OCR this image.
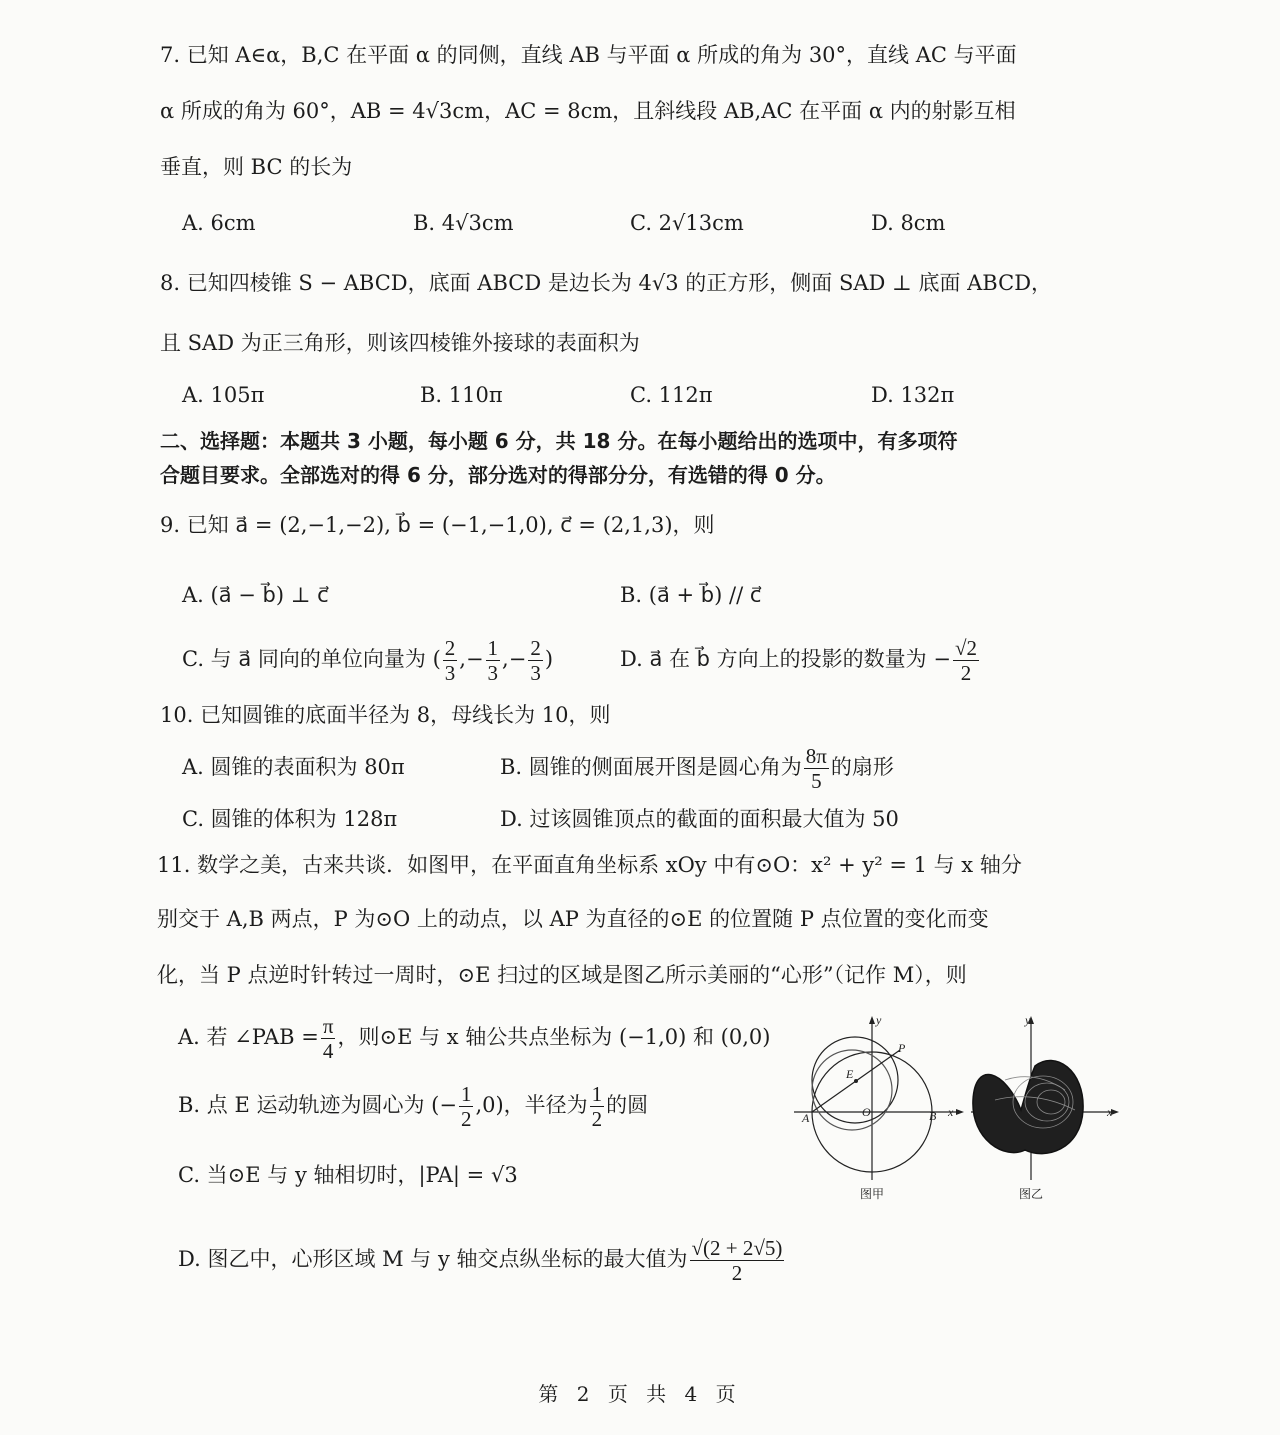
7. 已知 A∈α，B,C 在平面 α 的同侧，直线 AB 与平面 α 所成的角为 30°，直线 AC 与平面
α 所成的角为 60°，AB = 4√3cm，AC = 8cm，且斜线段 AB,AC 在平面 α 内的射影互相
垂直，则 BC 的长为
A. 6cm	B. 4√3cm	C. 2√13cm	D. 8cm
8. 已知四棱锥 S − ABCD，底面 ABCD 是边长为 4√3 的正方形，侧面 SAD ⊥ 底面 ABCD，
且 SAD 为正三角形，则该四棱锥外接球的表面积为
A. 105π	B. 110π	C. 112π	D. 132π
二、选择题：本题共 3 小题，每小题 6 分，共 18 分。在每小题给出的选项中，有多项符
合题目要求。全部选对的得 6 分，部分选对的得部分分，有选错的得 0 分。
9. 已知 a⃗ = (2,−1,−2), b⃗ = (−1,−1,0), c⃗ = (2,1,3)，则
A. (a⃗ − b⃗) ⊥ c⃗	B. (a⃗ + b⃗) // c⃗
C. 与 a⃗ 同向的单位向量为 ( $\frac{2}{3}$ ,− $\frac{1}{3}$ ,− $\frac{2}{3}$ )	D. a⃗ 在 b⃗ 方向上的投影的数量为 − $\frac{√2}{2}$
10. 已知圆锥的底面半径为 8，母线长为 10，则
A. 圆锥的表面积为 80π	B. 圆锥的侧面展开图是圆心角为 $\frac{8\pi}{5}$ 的扇形
C. 圆锥的体积为 128π	D. 过该圆锥顶点的截面的面积最大值为 50
11. 数学之美，古来共谈．如图甲，在平面直角坐标系 xOy 中有⊙O：x² + y² = 1 与 x 轴分
别交于 A,B 两点，P 为⊙O 上的动点，以 AP 为直径的⊙E 的位置随 P 点位置的变化而变
化，当 P 点逆时针转过一周时，⊙E 扫过的区域是图乙所示美丽的“心形”（记作 M），则
A. 若 ∠PAB = $\frac{\pi}{4}$ ，则⊙E 与 x 轴公共点坐标为 (−1,0) 和 (0,0)
B. 点 E 运动轨迹为圆心为 (− $\frac{1}{2} ,0$)，半径为 $\frac{1}{2}$ 的圆
C. 当⊙E 与 y 轴相切时，|PA| = √3
D. 图乙中，心形区域 M 与 y 轴交点纵坐标的最大值为 $\frac{√(2 + 2√5)}{2}$
y
x
A	O	B
P
E
图甲
y
x
图乙
第 2 页 共 4 页
